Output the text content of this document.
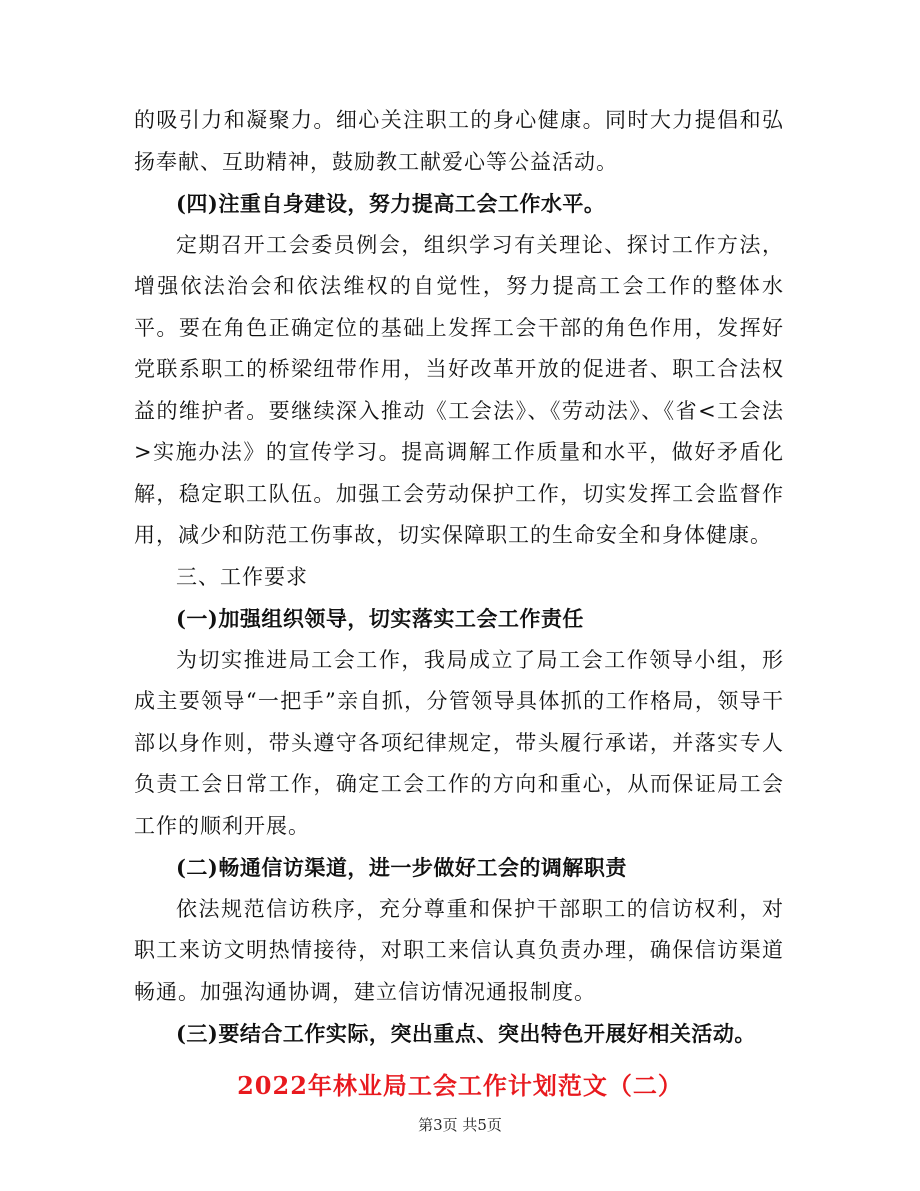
的吸引力和凝聚力。细心关注职工的身心健康。同时大力提倡和弘扬奉献、互助精神，鼓励教工献爱心等公益活动。

(四)注重自身建设，努力提高工会工作水平。

定期召开工会委员例会，组织学习有关理论、探讨工作方法，增强依法治会和依法维权的自觉性，努力提高工会工作的整体水平。要在角色正确定位的基础上发挥工会干部的角色作用，发挥好党联系职工的桥梁纽带作用，当好改革开放的促进者、职工合法权益的维护者。要继续深入推动《工会法》、《劳动法》、《省<工会法>实施办法》的宣传学习。提高调解工作质量和水平，做好矛盾化解，稳定职工队伍。加强工会劳动保护工作，切实发挥工会监督作用，减少和防范工伤事故，切实保障职工的生命安全和身体健康。

三、工作要求

(一)加强组织领导，切实落实工会工作责任

为切实推进局工会工作，我局成立了局工会工作领导小组，形成主要领导“一把手”亲自抓，分管领导具体抓的工作格局，领导干部以身作则，带头遵守各项纪律规定，带头履行承诺，并落实专人负责工会日常工作，确定工会工作的方向和重心，从而保证局工会工作的顺利开展。

(二)畅通信访渠道，进一步做好工会的调解职责

依法规范信访秩序，充分尊重和保护干部职工的信访权利，对职工来访文明热情接待，对职工来信认真负责办理，确保信访渠道畅通。加强沟通协调，建立信访情况通报制度。

(三)要结合工作实际，突出重点、突出特色开展好相关活动。

2022年林业局工会工作计划范文（二）

第3页 共5页
